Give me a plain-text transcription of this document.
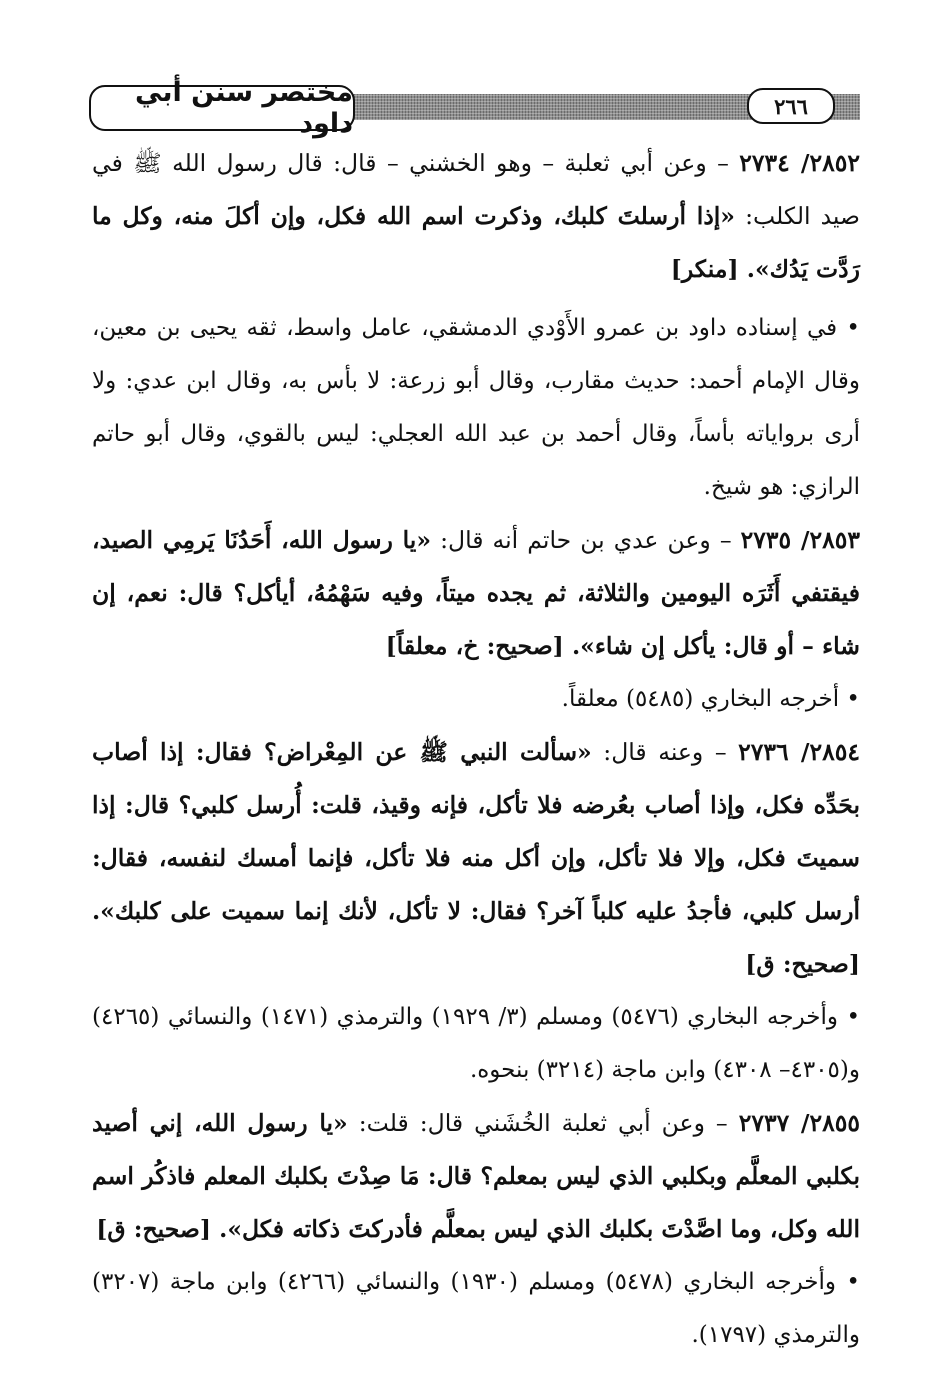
مختصر سنن أبي داود
٢٦٦

٢٨٥٢/ ٢٧٣٤ – وعن أبي ثعلبة – وهو الخشني – قال: قال رسول الله ﷺ في صيد الكلب: «إذا أرسلتَ كلبك، وذكرت اسم الله فكل، وإن أكلَ منه، وكل ما رَدَّت يَدُك». [منكر]

• في إسناده داود بن عمرو الأَوْدي الدمشقي، عامل واسط، ثقه يحيى بن معين، وقال الإمام أحمد: حديث مقارب، وقال أبو زرعة: لا بأس به، وقال ابن عدي: ولا أرى برواياته بأساً، وقال أحمد بن عبد الله العجلي: ليس بالقوي، وقال أبو حاتم الرازي: هو شيخ.

٢٨٥٣/ ٢٧٣٥ – وعن عدي بن حاتم أنه قال: «يا رسول الله، أَحَدُنَا يَرمِي الصيد، فيقتفي أَثَرَه اليومين والثلاثة، ثم يجده ميتاً، وفيه سَهْمُهُ، أيأكل؟ قال: نعم، إن شاء – أو قال: يأكل إن شاء». [صحيح: خ، معلقاً]

• أخرجه البخاري (٥٤٨٥) معلقاً.

٢٨٥٤/ ٢٧٣٦ – وعنه قال: «سألت النبي ﷺ عن المِعْراض؟ فقال: إذا أصاب بحَدِّه فكل، وإذا أصاب بعُرضه فلا تأكل، فإنه وقيذ، قلت: أُرسل كلبي؟ قال: إذا سميتَ فكل، وإلا فلا تأكل، وإن أكل منه فلا تأكل، فإنما أمسك لنفسه، فقال: أرسل كلبي، فأجدُ عليه كلباً آخر؟ فقال: لا تأكل، لأنك إنما سميت على كلبك». [صحيح: ق]

• وأخرجه البخاري (٥٤٧٦) ومسلم (٣/ ١٩٢٩) والترمذي (١٤٧١) والنسائي (٤٢٦٥) و(٤٣٠٥– ٤٣٠٨) وابن ماجة (٣٢١٤) بنحوه.

٢٨٥٥/ ٢٧٣٧ – وعن أبي ثعلبة الخُشَني قال: قلت: «يا رسول الله، إني أصيد بكلبي المعلَّم وبكلبي الذي ليس بمعلم؟ قال: مَا صِدْتَ بكلبك المعلم فاذكُر اسم الله وكل، وما اصَّدْتَ بكلبك الذي ليس بمعلَّم فأدركتَ ذكاته فكل». [صحيح: ق]

• وأخرجه البخاري (٥٤٧٨) ومسلم (١٩٣٠) والنسائي (٤٢٦٦) وابن ماجة (٣٢٠٧) والترمذي (١٧٩٧).
